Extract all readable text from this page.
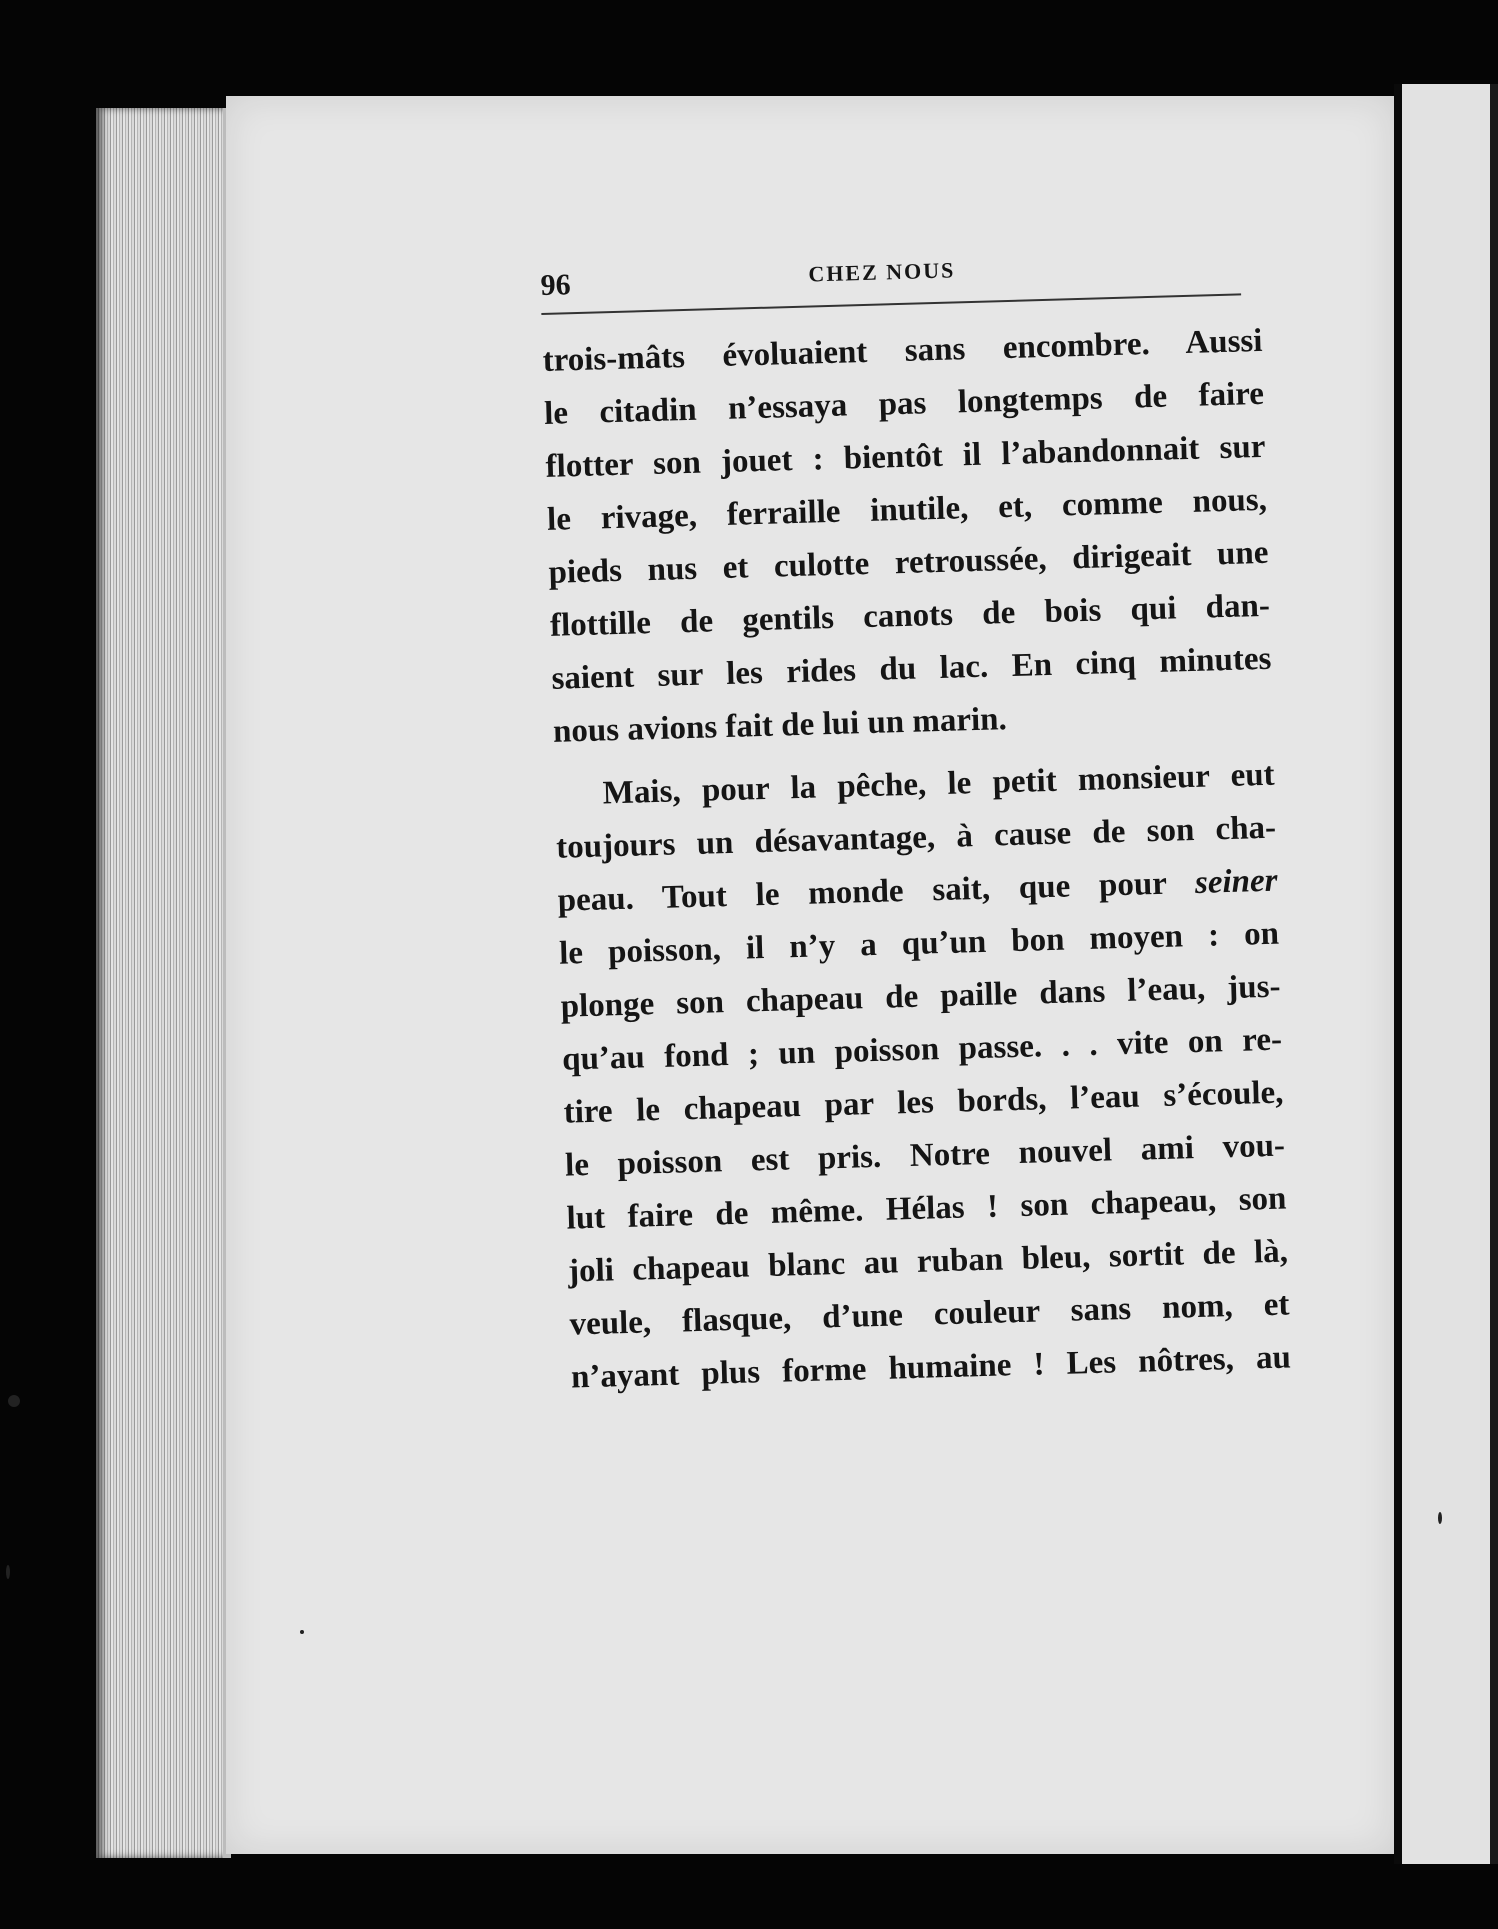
96	CHEZ NOUS

trois-mâts évoluaient sans encombre. Aussi
le citadin n’essaya pas longtemps de faire
flotter son jouet : bientôt il l’abandonnait sur
le rivage, ferraille inutile, et, comme nous,
pieds nus et culotte retroussée, dirigeait une
flottille de gentils canots de bois qui dan-
saient sur les rides du lac. En cinq minutes
nous avions fait de lui un marin.

Mais, pour la pêche, le petit monsieur eut
toujours un désavantage, à cause de son cha-
peau. Tout le monde sait, que pour seiner
le poisson, il n’y a qu’un bon moyen : on
plonge son chapeau de paille dans l’eau, jus-
qu’au fond ; un poisson passe. . . vite on re-
tire le chapeau par les bords, l’eau s’écoule,
le poisson est pris. Notre nouvel ami vou-
lut faire de même. Hélas ! son chapeau, son
joli chapeau blanc au ruban bleu, sortit de là,
veule, flasque, d’une couleur sans nom, et
n’ayant plus forme humaine ! Les nôtres, au
